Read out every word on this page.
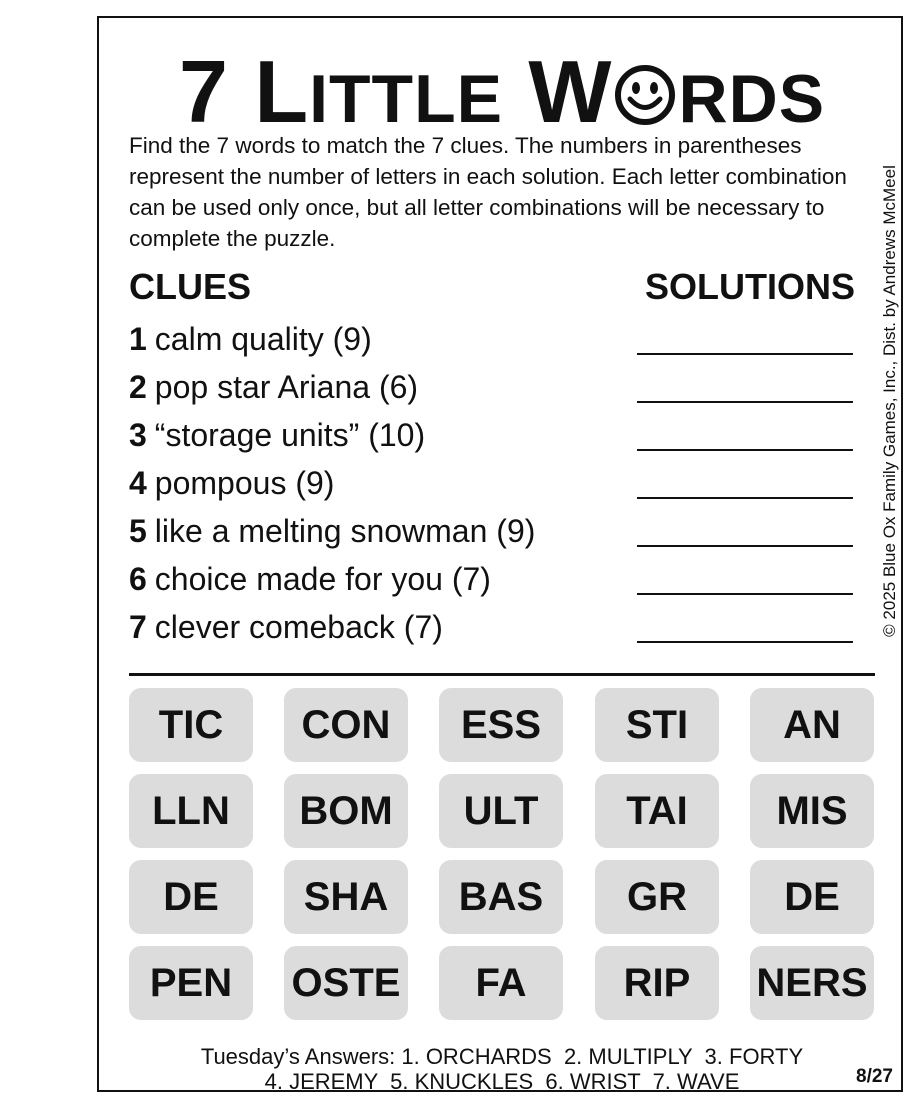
7 LITTLE W RDS
Find the 7 words to match the 7 clues. The numbers in parentheses represent the number of letters in each solution. Each letter combination can be used only once, but all letter combinations will be necessary to complete the puzzle.
CLUES	SOLUTIONS
1 calm quality (9)
2 pop star Ariana (6)
3 “storage units” (10)
4 pompous (9)
5 like a melting snowman (9)
6 choice made for you (7)
7 clever comeback (7)	© 2025 Blue Ox Family Games, Inc., Dist. by Andrews McMeel
TIC	CON	ESS	STI	AN
LLN	BOM	ULT	TAI	MIS
DE	SHA	BAS	GR	DE
PEN	OSTE	FA	RIP	NERS
Tuesday’s Answers: 1. ORCHARDS  2. MULTIPLY  3. FORTY
4. JEREMY  5. KNUCKLES  6. WRIST  7. WAVE	8/27
